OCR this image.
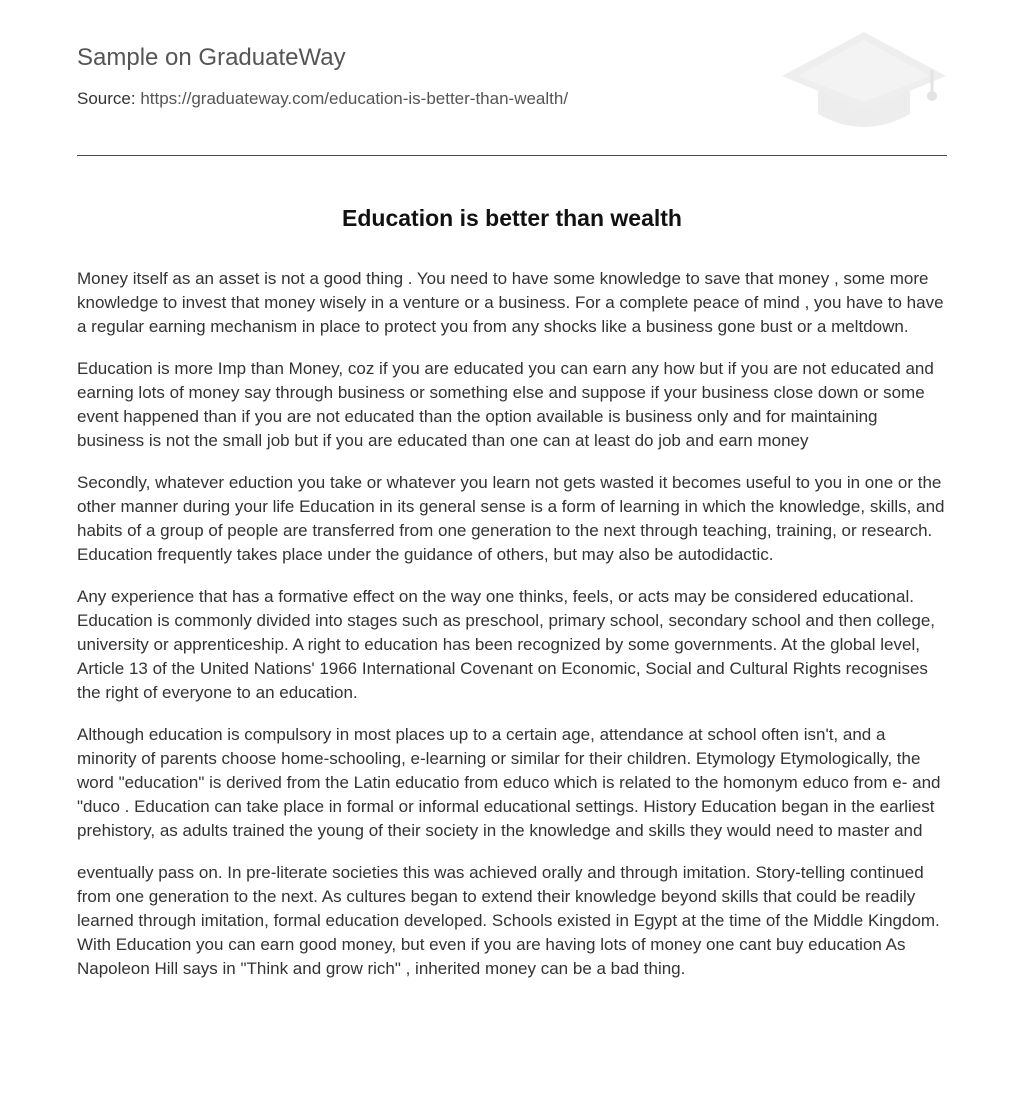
Sample on GraduateWay
Source: https://graduateway.com/education-is-better-than-wealth/
Education is better than wealth

Money itself as an asset is not a good thing . You need to have some knowledge to save that money , some more knowledge to invest that money wisely in a venture or a business. For a complete peace of mind , you have to have a regular earning mechanism in place to protect you from any shocks like a business gone bust or a meltdown.

Education is more Imp than Money, coz if you are educated you can earn any how but if you are not educated and earning lots of money say through business or something else and suppose if your business close down or some event happened than if you are not educated than the option available is business only and for maintaining business is not the small job but if you are educated than one can at least do job and earn money

Secondly, whatever eduction you take or whatever you learn not gets wasted it becomes useful to you in one or the other manner during your life Education in its general sense is a form of learning in which the knowledge, skills, and habits of a group of people are transferred from one generation to the next through teaching, training, or research. Education frequently takes place under the guidance of others, but may also be autodidactic.

Any experience that has a formative effect on the way one thinks, feels, or acts may be considered educational. Education is commonly divided into stages such as preschool, primary school, secondary school and then college, university or apprenticeship. A right to education has been recognized by some governments. At the global level, Article 13 of the United Nations' 1966 International Covenant on Economic, Social and Cultural Rights recognises the right of everyone to an education.

Although education is compulsory in most places up to a certain age, attendance at school often isn't, and a minority of parents choose home-schooling, e-learning or similar for their children. Etymology Etymologically, the word "education" is derived from the Latin educatio from educo which is related to the homonym educo from e- and "duco . Education can take place in formal or informal educational settings. History Education began in the earliest prehistory, as adults trained the young of their society in the knowledge and skills they would need to master and

eventually pass on. In pre-literate societies this was achieved orally and through imitation. Story-telling continued from one generation to the next. As cultures began to extend their knowledge beyond skills that could be readily learned through imitation, formal education developed. Schools existed in Egypt at the time of the Middle Kingdom. With Education you can earn good money, but even if you are having lots of money one cant buy education As Napoleon Hill says in "Think and grow rich" , inherited money can be a bad thing.
